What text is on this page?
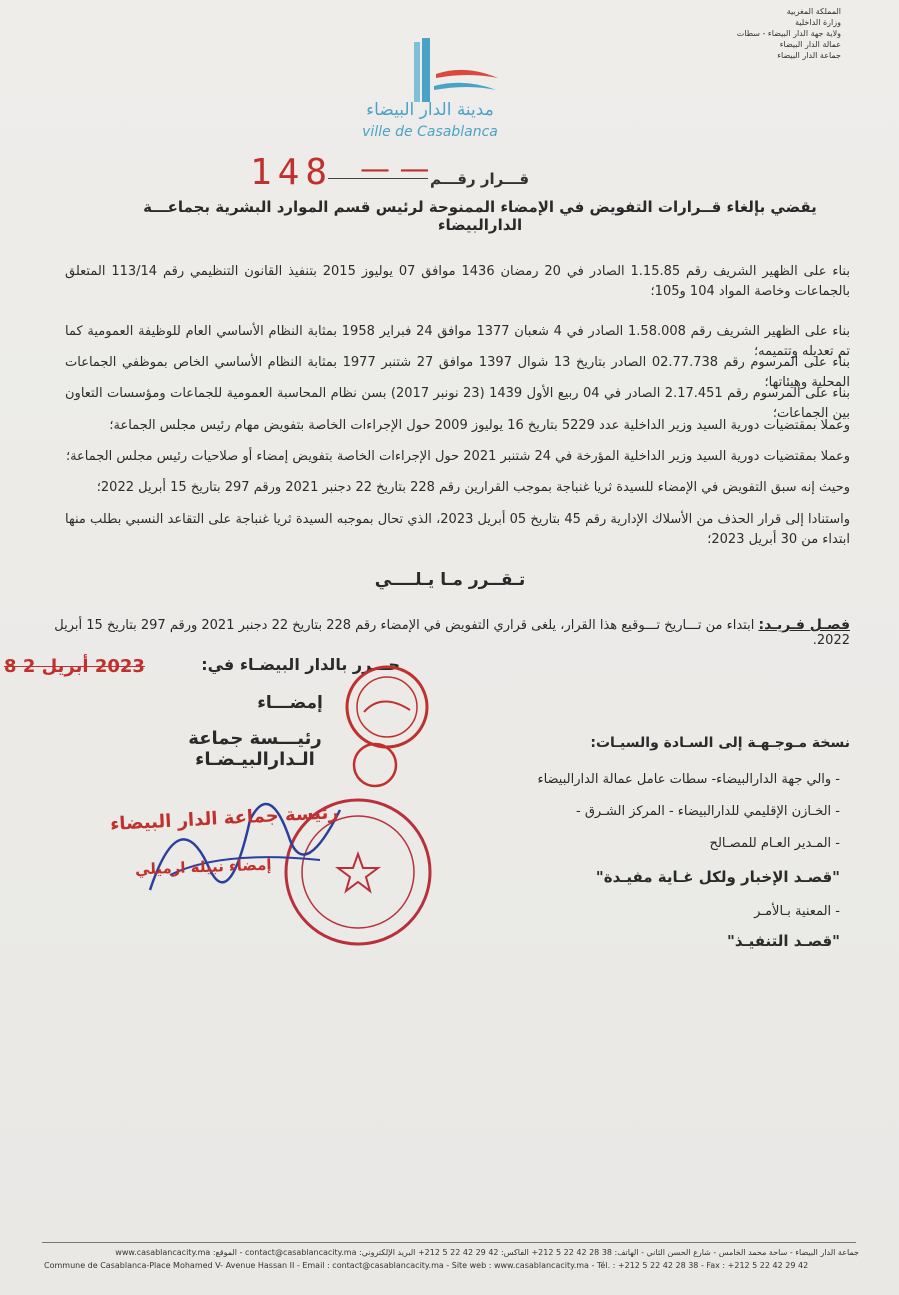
المملكة المغربية
وزارة الداخلية
ولاية جهة الدار البيضاء - سطات
عمالة الدار البيضاء
جماعة الدار البيضاء
مدينة الدار البيضاء
ville de Casablanca
قـــرار رقـــم
148 — —
يقضي بإلغاء قــرارات التفويض في الإمضاء الممنوحة لرئيس قسم الموارد البشرية بجماعـــة الدارالبيضاء
بناء على الظهير الشريف رقم 1.15.85 الصادر في 20 رمضان 1436 موافق 07 يوليوز 2015 بتنفيذ القانون التنظيمي رقم 113/14 المتعلق بالجماعات وخاصة المواد 104 و105؛
بناء على الظهير الشريف رقم 1.58.008 الصادر في 4 شعبان 1377 موافق 24 فبراير 1958 بمثابة النظام الأساسي العام للوظيفة العمومية كما تم تعديله وتتميمه؛
بناء على المرسوم رقم 02.77.738 الصادر بتاريخ 13 شوال 1397 موافق 27 شتنبر 1977 بمثابة النظام الأساسي الخاص بموظفي الجماعات المحلية وهيئاتها؛
بناء على المرسوم رقم 2.17.451 الصادر في 04 ربيع الأول 1439 (23 نونبر 2017) بسن نظام المحاسبة العمومية للجماعات ومؤسسات التعاون بين الجماعات؛
وعملا بمقتضيات دورية السيد وزير الداخلية عدد 5229 بتاريخ 16 يوليوز 2009 حول الإجراءات الخاصة بتفويض مهام رئيس مجلس الجماعة؛
وعملا بمقتضيات دورية السيد وزير الداخلية المؤرخة في 24 شتنبر 2021 حول الإجراءات الخاصة بتفويض إمضاء أو صلاحيات رئيس مجلس الجماعة؛
وحيث إنه سبق التفويض في الإمضاء للسيدة ثريا غنباجة بموجب القرارين رقم 228 بتاريخ 22 دجنبر 2021 ورقم 297 بتاريخ 15 أبريل 2022؛
واستنادا إلى قرار الحذف من الأسلاك الإدارية رقم 45 بتاريخ 05 أبريل 2023، الذي تحال بموجبه السيدة ثريا غنباجة على التقاعد النسبي بطلب منها ابتداء من 30 أبريل 2023؛
تـقــرر مـا يـلــــي
فصـل فـريـد: ابتداء من تـــاريخ تـــوقيع هذا القرار، يلغى قراري التفويض في الإمضاء رقم 228 بتاريخ 22 دجنبر 2021 ورقم 297 بتاريخ 15 أبريل 2022.
حـــرر بالدار البيضـاء في:
2023 أبريل 2 8
إمضـــاء
رئيـــسة جماعة الـدارالبيـضـاء
رئيسة جماعة الدار البيضاء
إمضاء نبيلة ارميلي
نسخة مـوجـهـة إلى السـادة والسيـات:
- والي جهة الدارالبيضاء- سطات عامل عمالة الدارالبيضاء
- الخـازن الإقليمي للدارالبيضاء - المركز الشـرق -
- المـدير العـام للمصـالح
"قصـد الإخبار ولكل غـاية مفيـدة"
- المعنية بـالأمـر
"قصـد التنفيـذ"
جماعة الدار البيضاء - ساحة محمد الخامس - شارع الحسن الثاني - الهاتف: 38 28 42 22 5 212+ الفاكس: 42 29 42 22 5 212+ البريد الإلكتروني: contact@casablancacity.ma - الموقع: www.casablancacity.ma
Commune de Casablanca-Place Mohamed V- Avenue Hassan II - Email : contact@casablancacity.ma - Site web : www.casablancacity.ma - Tél. : +212 5 22 42 28 38 - Fax : +212 5 22 42 29 42
